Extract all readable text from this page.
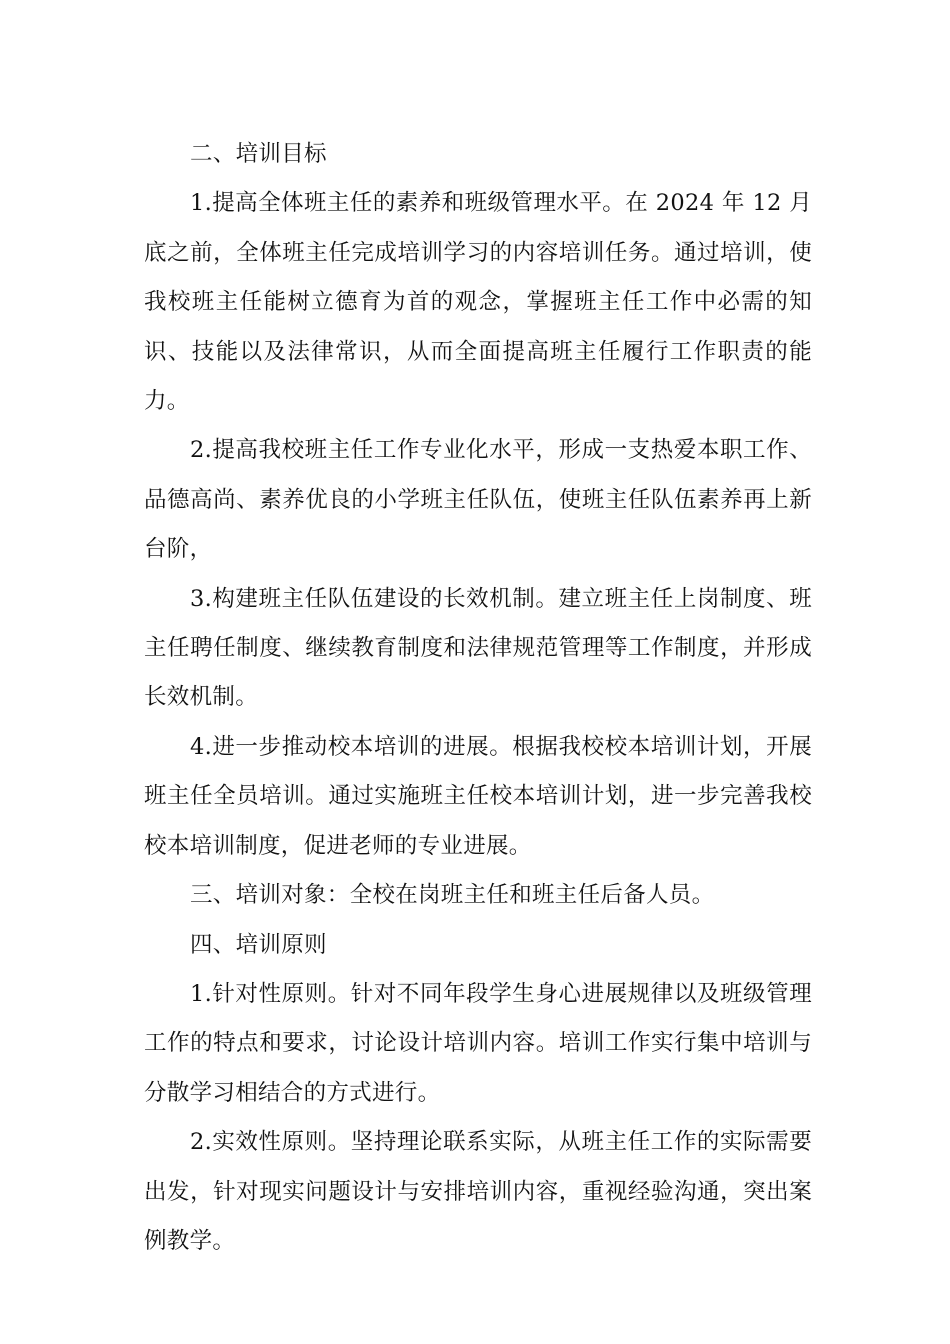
二、培训目标

1.提高全体班主任的素养和班级管理水平。在 2024 年 12 月底之前，全体班主任完成培训学习的内容培训任务。通过培训，使我校班主任能树立德育为首的观念，掌握班主任工作中必需的知识、技能以及法律常识，从而全面提高班主任履行工作职责的能力。

2.提高我校班主任工作专业化水平，形成一支热爱本职工作、品德高尚、素养优良的小学班主任队伍，使班主任队伍素养再上新台阶，

3.构建班主任队伍建设的长效机制。建立班主任上岗制度、班主任聘任制度、继续教育制度和法律规范管理等工作制度，并形成长效机制。

4.进一步推动校本培训的进展。根据我校校本培训计划，开展班主任全员培训。通过实施班主任校本培训计划，进一步完善我校校本培训制度，促进老师的专业进展。

三、培训对象：全校在岗班主任和班主任后备人员。

四、培训原则

1.针对性原则。针对不同年段学生身心进展规律以及班级管理工作的特点和要求，讨论设计培训内容。培训工作实行集中培训与分散学习相结合的方式进行。

2.实效性原则。坚持理论联系实际，从班主任工作的实际需要出发，针对现实问题设计与安排培训内容，重视经验沟通，突出案例教学。
